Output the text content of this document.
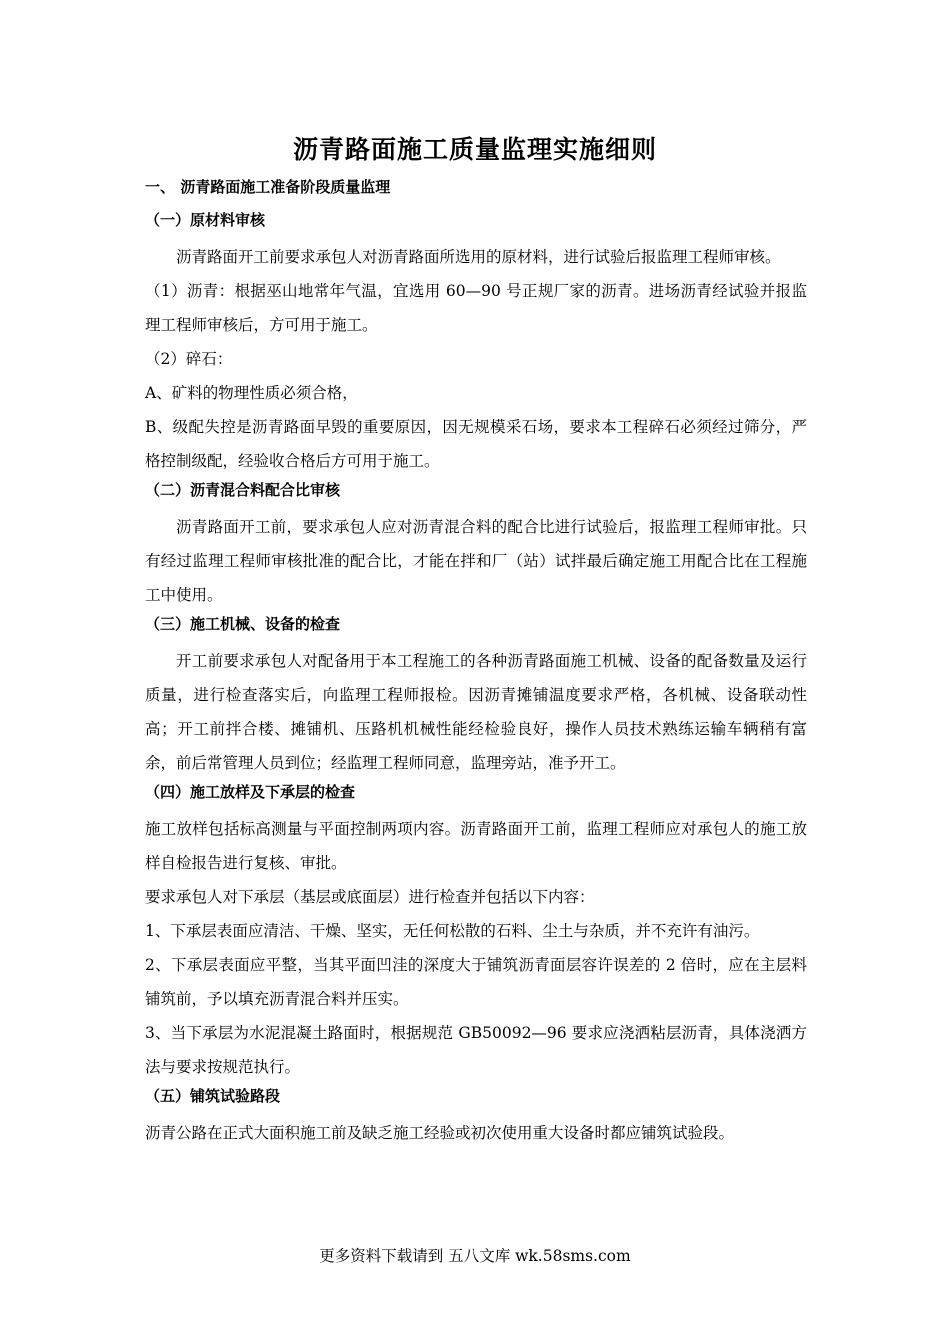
沥青路面施工质量监理实施细则
一、 沥青路面施工准备阶段质量监理
（一）原材料审核

沥青路面开工前要求承包人对沥青路面所选用的原材料，进行试验后报监理工程师审核。

（1）沥青：根据巫山地常年气温，宜选用 60—90 号正规厂家的沥青。进场沥青经试验并报监理工程师审核后，方可用于施工。

（2）碎石：

A、矿料的物理性质必须合格，

B、级配失控是沥青路面早毁的重要原因，因无规模采石场，要求本工程碎石必须经过筛分，严格控制级配，经验收合格后方可用于施工。

（二）沥青混合料配合比审核

沥青路面开工前，要求承包人应对沥青混合料的配合比进行试验后，报监理工程师审批。只有经过监理工程师审核批准的配合比，才能在拌和厂（站）试拌最后确定施工用配合比在工程施工中使用。

（三）施工机械、设备的检查

开工前要求承包人对配备用于本工程施工的各种沥青路面施工机械、设备的配备数量及运行质量，进行检查落实后，向监理工程师报检。因沥青摊铺温度要求严格，各机械、设备联动性高；开工前拌合楼、摊铺机、压路机机械性能经检验良好，操作人员技术熟练运输车辆稍有富余，前后常管理人员到位；经监理工程师同意，监理旁站，准予开工。

（四）施工放样及下承层的检查

施工放样包括标高测量与平面控制两项内容。沥青路面开工前，监理工程师应对承包人的施工放样自检报告进行复核、审批。

要求承包人对下承层（基层或底面层）进行检查并包括以下内容：

1、下承层表面应清洁、干燥、坚实，无任何松散的石料、尘土与杂质，并不充许有油污。

2、下承层表面应平整，当其平面凹洼的深度大于铺筑沥青面层容许误差的 2 倍时，应在主层料铺筑前，予以填充沥青混合料并压实。

3、当下承层为水泥混凝土路面时，根据规范 GB50092—96 要求应浇洒粘层沥青，具体浇洒方法与要求按规范执行。

（五）铺筑试验路段

沥青公路在正式大面积施工前及缺乏施工经验或初次使用重大设备时都应铺筑试验段。

更多资料下载请到 五八文库 wk.58sms.com
